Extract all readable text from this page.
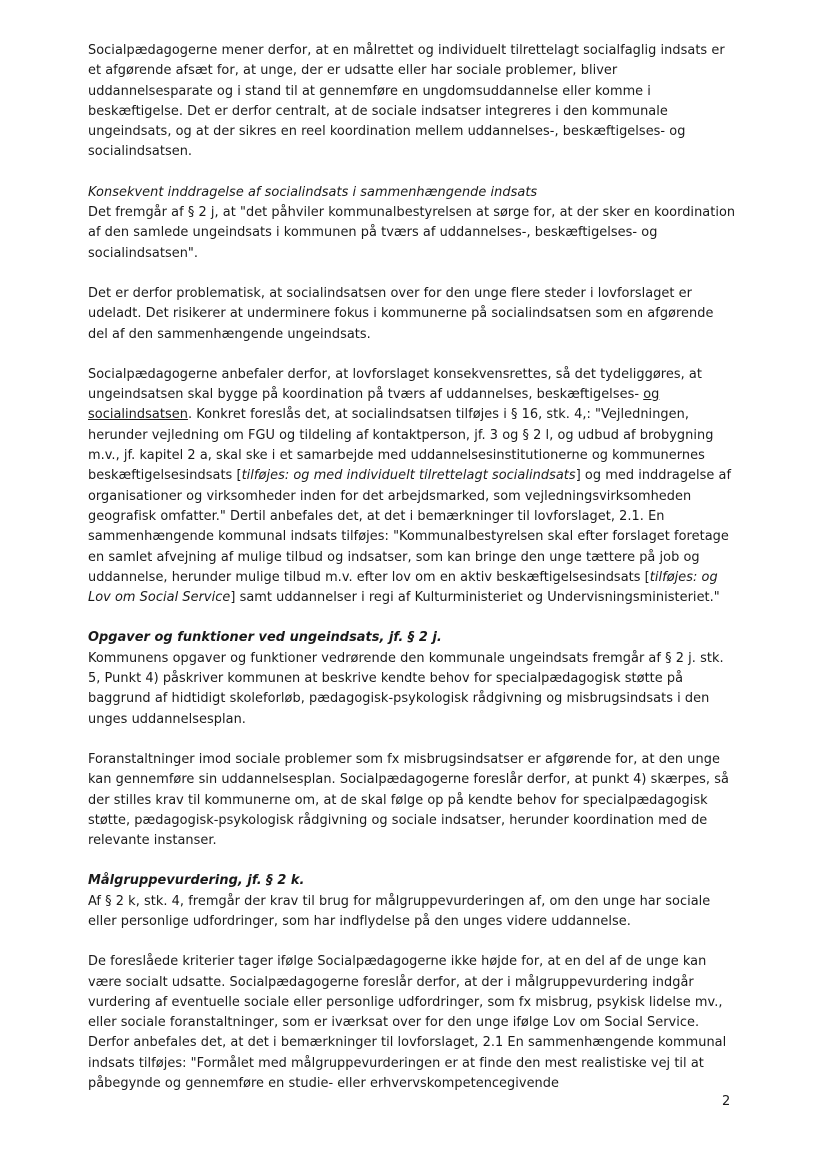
Socialpædagogerne mener derfor, at en målrettet og individuelt tilrettelagt socialfaglig indsats er et afgørende afsæt for, at unge, der er udsatte eller har sociale problemer, bliver uddannelsesparate og i stand til at gennemføre en ungdomsuddannelse eller komme i beskæftigelse. Det er derfor centralt, at de sociale indsatser integreres i den kommunale ungeindsats, og at der sikres en reel koordination mellem uddannelses-, beskæftigelses- og socialindsatsen.

Konsekvent inddragelse af socialindsats i sammenhængende indsats

Det fremgår af § 2 j, at "det påhviler kommunalbestyrelsen at sørge for, at der sker en koordination af den samlede ungeindsats i kommunen på tværs af uddannelses-, beskæftigelses- og socialindsatsen".

Det er derfor problematisk, at socialindsatsen over for den unge flere steder i lovforslaget er udeladt. Det risikerer at underminere fokus i kommunerne på socialindsatsen som en afgørende del af den sammenhængende ungeindsats.

Socialpædagogerne anbefaler derfor, at lovforslaget konsekvensrettes, så det tydeliggøres, at ungeindsatsen skal bygge på koordination på tværs af uddannelses, beskæftigelses- og socialindsatsen. Konkret foreslås det, at socialindsatsen tilføjes i § 16, stk. 4,: "Vejledningen, herunder vejledning om FGU og tildeling af kontaktperson, jf. 3 og § 2 l, og udbud af brobygning m.v., jf. kapitel 2 a, skal ske i et samarbejde med uddannelsesinstitutionerne og kommunernes beskæftigelsesindsats [tilføjes: og med individuelt tilrettelagt socialindsats] og med inddragelse af organisationer og virksomheder inden for det arbejdsmarked, som vejledningsvirksomheden geografisk omfatter." Dertil anbefales det, at det i bemærkninger til lovforslaget, 2.1. En sammenhængende kommunal indsats tilføjes: "Kommunalbestyrelsen skal efter forslaget foretage en samlet afvejning af mulige tilbud og indsatser, som kan bringe den unge tættere på job og uddannelse, herunder mulige tilbud m.v. efter lov om en aktiv beskæftigelsesindsats [tilføjes: og Lov om Social Service] samt uddannelser i regi af Kulturministeriet og Undervisningsministeriet."

Opgaver og funktioner ved ungeindsats, jf. § 2 j.

Kommunens opgaver og funktioner vedrørende den kommunale ungeindsats fremgår af § 2 j. stk. 5, Punkt 4) påskriver kommunen at beskrive kendte behov for specialpædagogisk støtte på baggrund af hidtidigt skoleforløb, pædagogisk-psykologisk rådgivning og misbrugsindsats i den unges uddannelsesplan.

Foranstaltninger imod sociale problemer som fx misbrugsindsatser er afgørende for, at den unge kan gennemføre sin uddannelsesplan. Socialpædagogerne foreslår derfor, at punkt 4) skærpes, så der stilles krav til kommunerne om, at de skal følge op på kendte behov for specialpædagogisk støtte, pædagogisk-psykologisk rådgivning og sociale indsatser, herunder koordination med de relevante instanser.

Målgruppevurdering, jf. § 2 k.

Af § 2 k, stk. 4, fremgår der krav til brug for målgruppevurderingen af, om den unge har sociale eller personlige udfordringer, som har indflydelse på den unges videre uddannelse.

De foreslåede kriterier tager ifølge Socialpædagogerne ikke højde for, at en del af de unge kan være socialt udsatte. Socialpædagogerne foreslår derfor, at der i målgruppevurdering indgår vurdering af eventuelle sociale eller personlige udfordringer, som fx misbrug, psykisk lidelse mv., eller sociale foranstaltninger, som er iværksat over for den unge ifølge Lov om Social Service. Derfor anbefales det, at det i bemærkninger til lovforslaget, 2.1 En sammenhængende kommunal indsats tilføjes: "Formålet med målgruppevurderingen er at finde den mest realistiske vej til at påbegynde og gennemføre en studie- eller erhvervskompetencegivende

2
